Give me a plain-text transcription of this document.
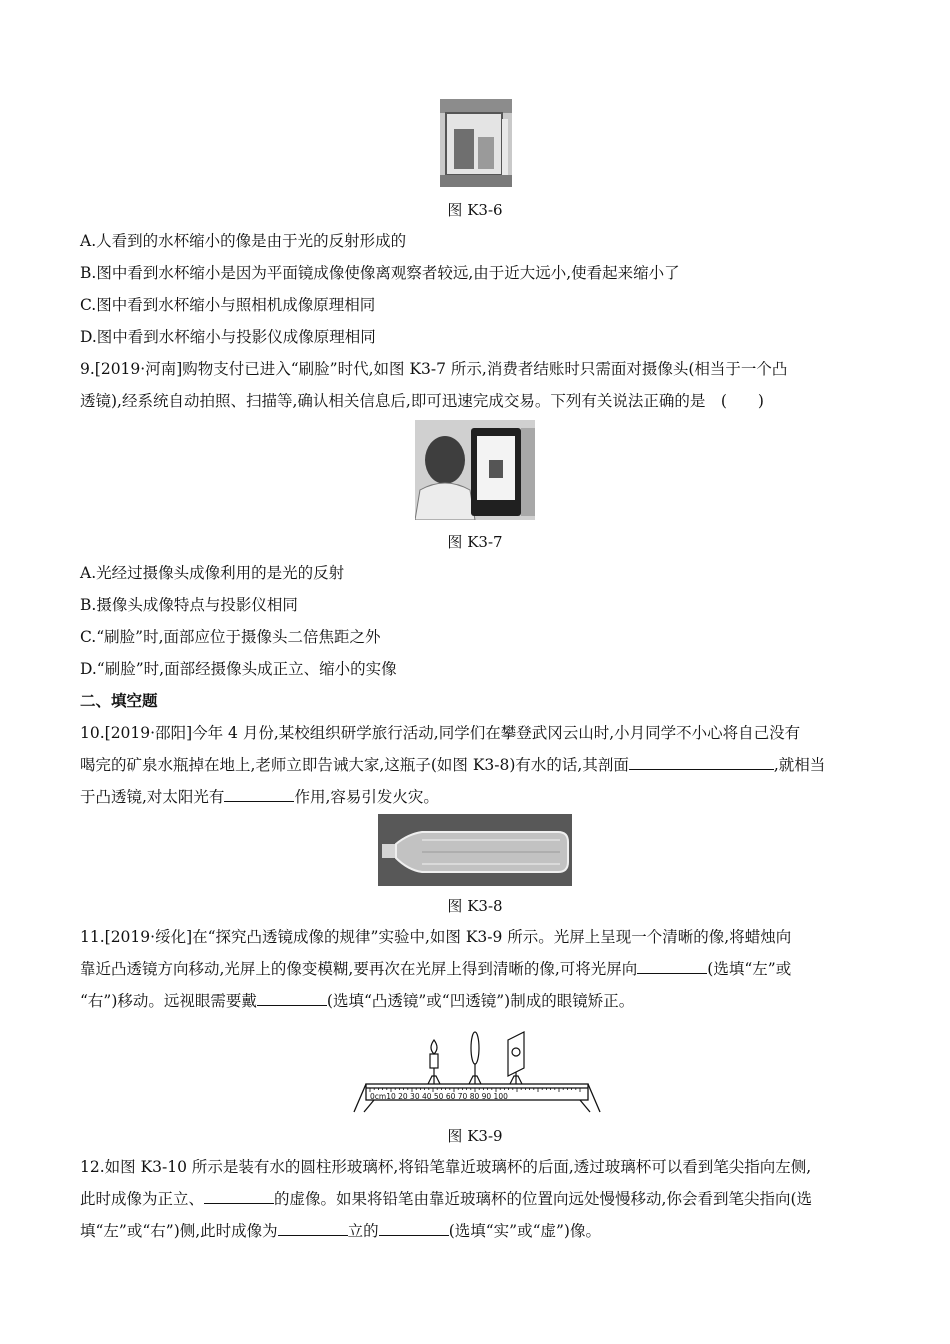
图 K3-6
A.人看到的水杯缩小的像是由于光的反射形成的
B.图中看到水杯缩小是因为平面镜成像使像离观察者较远,由于近大远小,使看起来缩小了
C.图中看到水杯缩小与照相机成像原理相同
D.图中看到水杯缩小与投影仪成像原理相同
9.[2019·河南]购物支付已进入“刷脸”时代,如图 K3-7 所示,消费者结账时只需面对摄像头(相当于一个凸
透镜),经系统自动拍照、扫描等,确认相关信息后,即可迅速完成交易。下列有关说法正确的是　(　　)
图 K3-7
A.光经过摄像头成像利用的是光的反射
B.摄像头成像特点与投影仪相同
C.“刷脸”时,面部应位于摄像头二倍焦距之外
D.“刷脸”时,面部经摄像头成正立、缩小的实像
二、填空题
10.[2019·邵阳]今年 4 月份,某校组织研学旅行活动,同学们在攀登武冈云山时,小月同学不小心将自己没有
喝完的矿泉水瓶掉在地上,老师立即告诫大家,这瓶子(如图 K3-8)有水的话,其剖面	,就相当
于凸透镜,对太阳光有	作用,容易引发火灾。
图 K3-8
11.[2019·绥化]在“探究凸透镜成像的规律”实验中,如图 K3-9 所示。光屏上呈现一个清晰的像,将蜡烛向
靠近凸透镜方向移动,光屏上的像变模糊,要再次在光屏上得到清晰的像,可将光屏向	(选填“左”或
“右”)移动。远视眼需要戴	(选填“凸透镜”或“凹透镜”)制成的眼镜矫正。
0cm10 20 30 40 50 60 70 80 90 100
图 K3-9
12.如图 K3-10 所示是装有水的圆柱形玻璃杯,将铅笔靠近玻璃杯的后面,透过玻璃杯可以看到笔尖指向左侧,
此时成像为正立、	的虚像。如果将铅笔由靠近玻璃杯的位置向远处慢慢移动,你会看到笔尖指向(选
填“左”或“右”)侧,此时成像为	立的	(选填“实”或“虚”)像。
